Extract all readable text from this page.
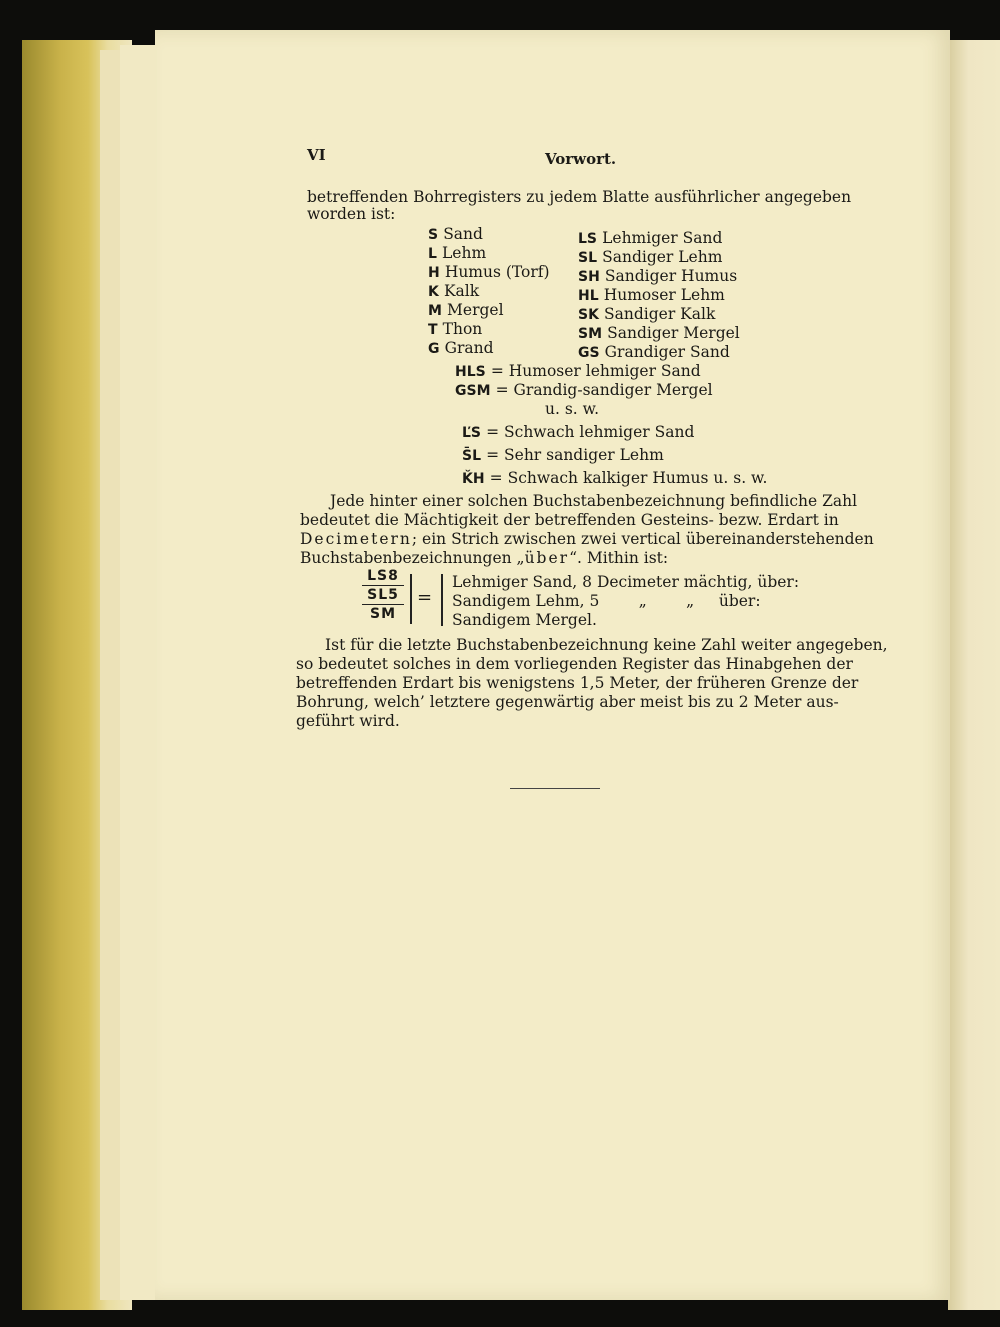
VI	Vorwort.
betreffenden Bohrregisters zu jedem Blatte ausführlicher angegeben
worden ist:
S Sand
L Lehm
H Humus (Torf)
K Kalk
M Mergel
T Thon
G Grand
LS Lehmiger Sand
SL Sandiger Lehm
SH Sandiger Humus
HL Humoser Lehm
SK Sandiger Kalk
SM Sandiger Mergel
GS Grandiger Sand
HLS = Humoser lehmiger Sand
GSM = Grandig-sandiger Mergel
u. s. w.
ĽS = Schwach lehmiger Sand
S̄L = Sehr sandiger Lehm
ǨH = Schwach kalkiger Humus u. s. w.
Jede hinter einer solchen Buchstabenbezeichnung befindliche Zahl
bedeutet die Mächtigkeit der betreffenden Gesteins- bezw. Erdart in
Decimetern; ein Strich zwischen zwei vertical übereinanderstehenden
Buchstabenbezeichnungen „über“. Mithin ist:
LS8
SL5
SM
=
Lehmiger Sand, 8 Decimeter mächtig, über:
Sandigem Lehm, 5        „        „     über:
Sandigem Mergel.
Ist für die letzte Buchstabenbezeichnung keine Zahl weiter angegeben,
so bedeutet solches in dem vorliegenden Register das Hinabgehen der
betreffenden Erdart bis wenigstens 1,5 Meter, der früheren Grenze der
Bohrung, welch’ letztere gegenwärtig aber meist bis zu 2 Meter aus-
geführt wird.
